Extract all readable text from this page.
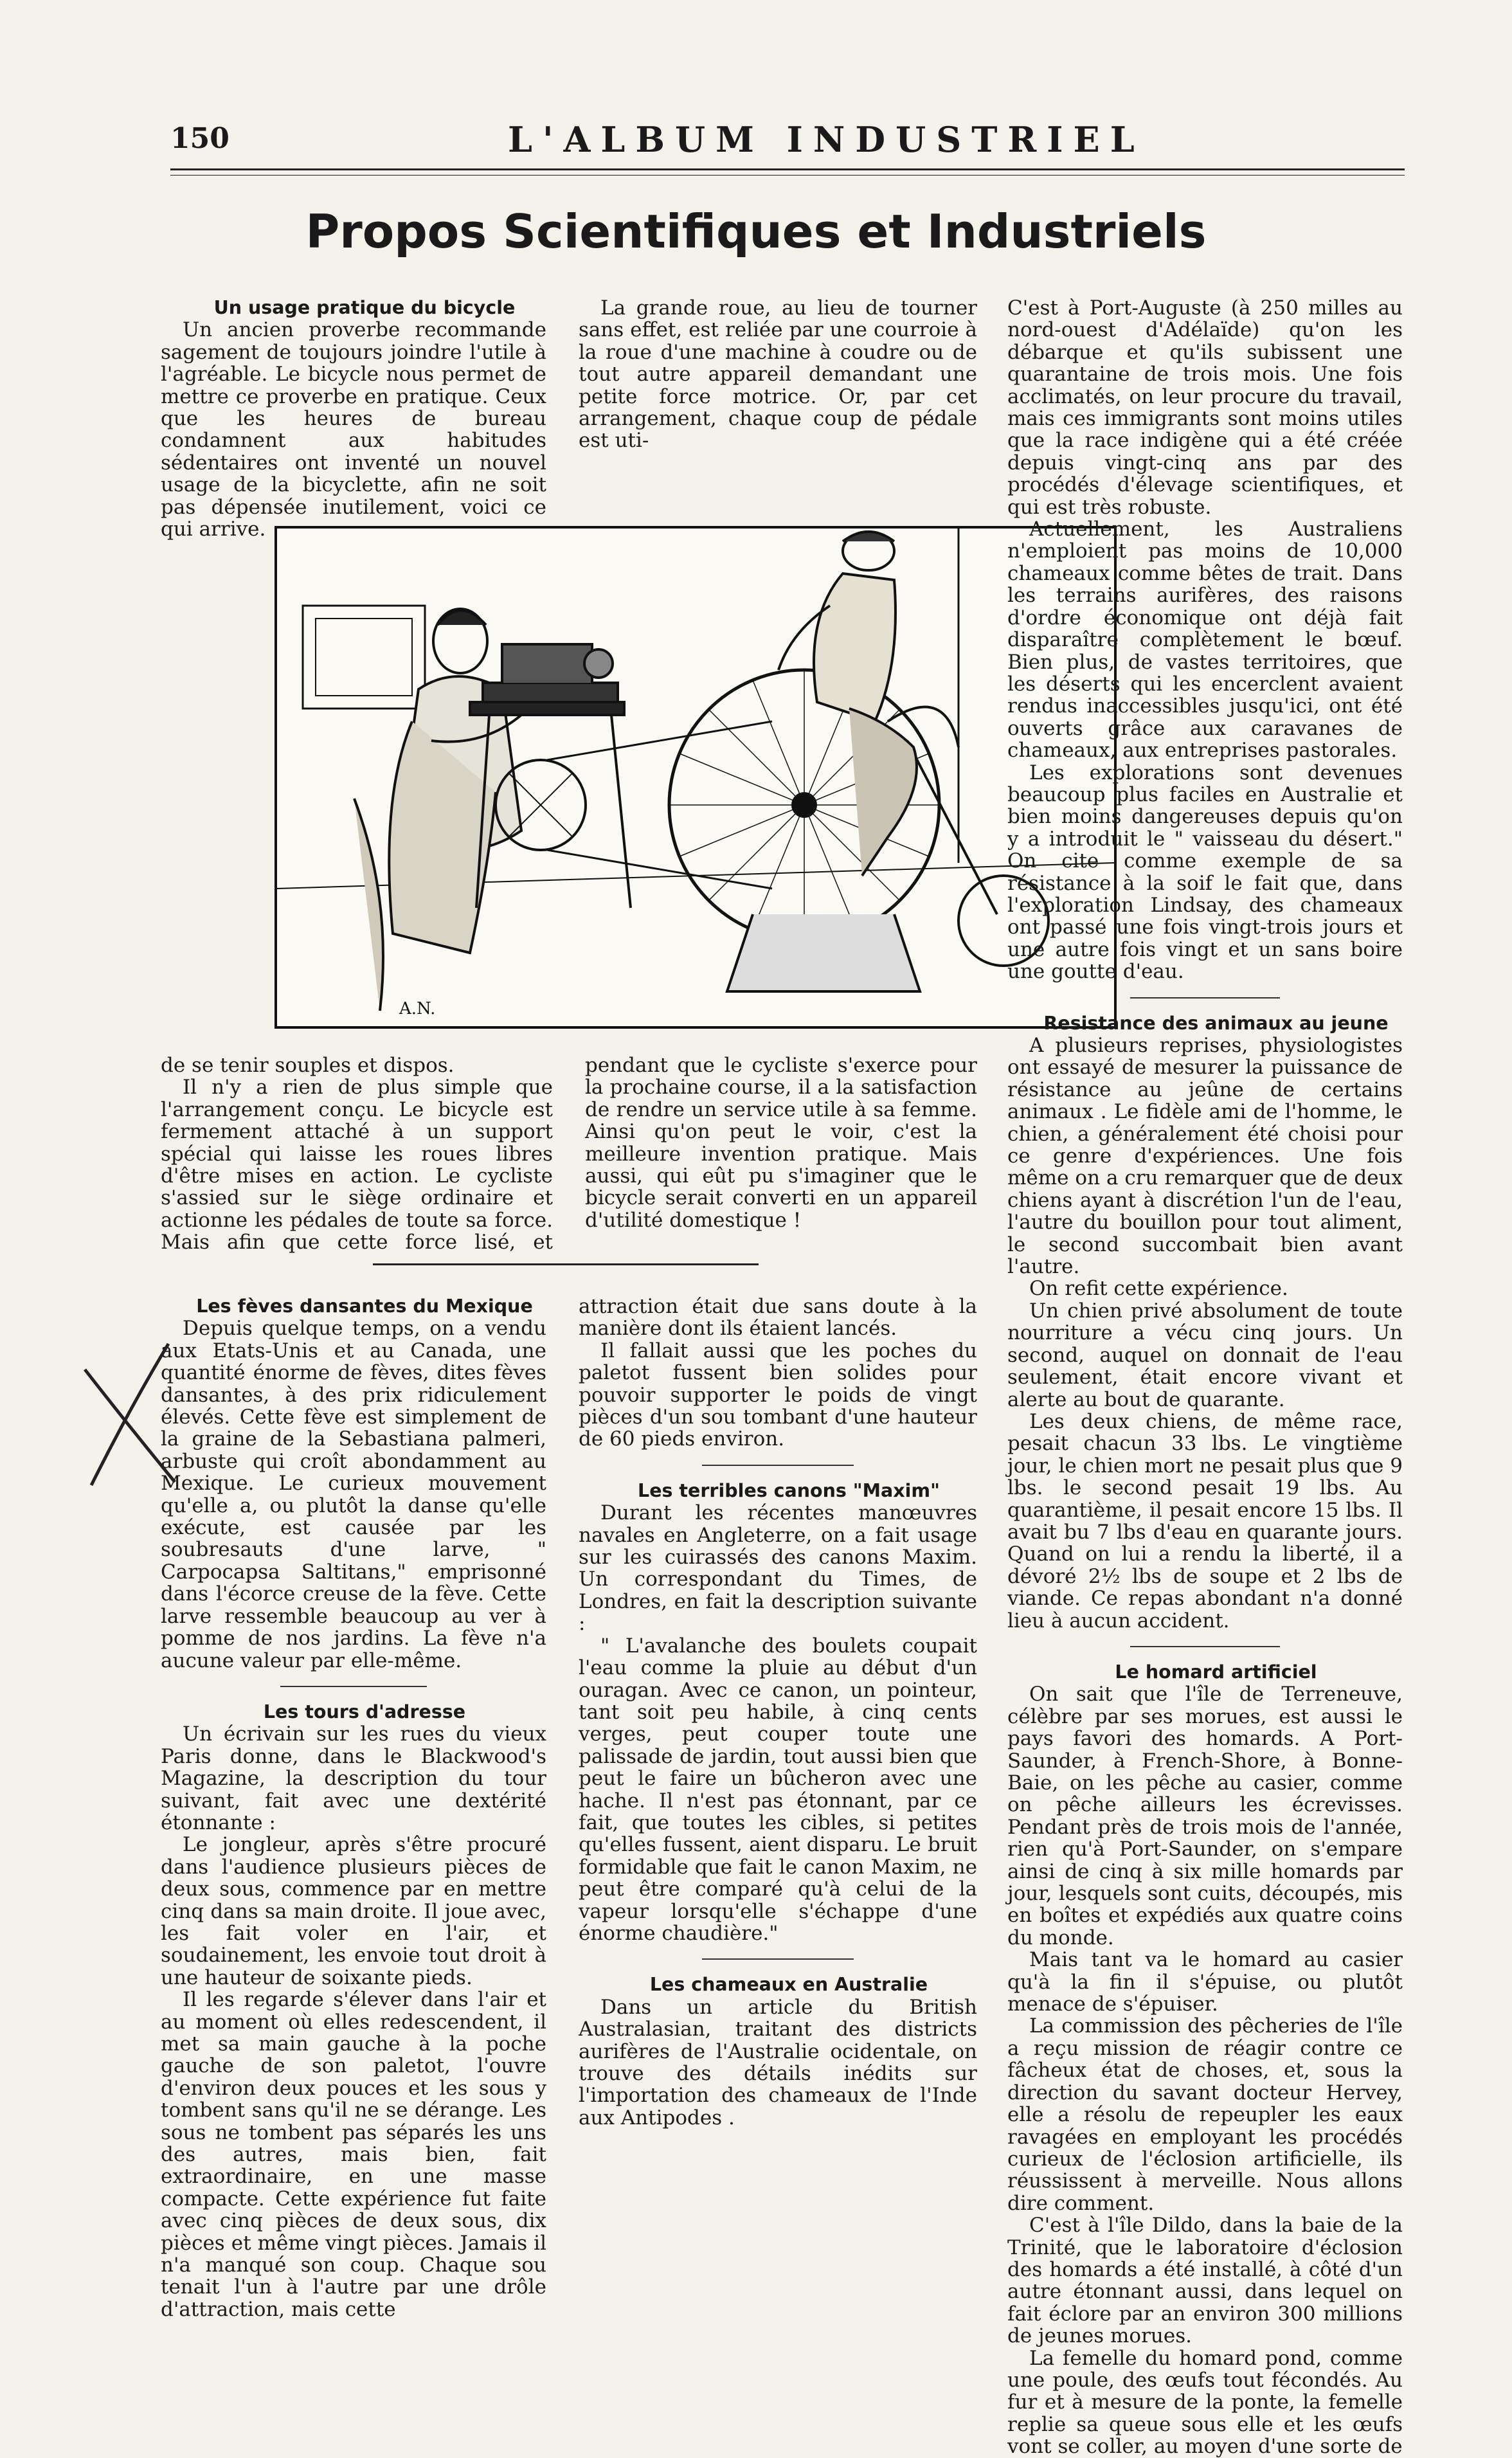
150	L'ALBUM INDUSTRIEL
Propos Scientifiques et Industriels

Un usage pratique du bicycle

Un ancien proverbe recommande sagement de toujours joindre l'utile à l'agréable. Le bicycle nous permet de mettre ce proverbe en pratique. Ceux que les heures de bureau condamnent aux habitudes sédentaires ont inventé un nouvel usage de la bicyclette, afin ne soit pas dépensée inutilement, voici ce qui arrive.

La grande roue, au lieu de tourner sans effet, est reliée par une courroie à la roue d'une machine à coudre ou de tout autre appareil demandant une petite force motrice. Or, par cet arrangement, chaque coup de pédale est uti-

A.N.

C'est à Port-Auguste (à 250 milles au nord-ouest d'Adélaïde) qu'on les débarque et qu'ils subissent une quarantaine de trois mois. Une fois acclimatés, on leur procure du travail, mais ces immigrants sont moins utiles que la race indigène qui a été créée depuis vingt-cinq ans par des procédés d'élevage scientifiques, et qui est très robuste.

Actuellement, les Australiens n'emploient pas moins de 10,000 chameaux comme bêtes de trait. Dans les terrains aurifères, des raisons d'ordre économique ont déjà fait disparaître complètement le bœuf. Bien plus, de vastes territoires, que les déserts qui les encerclent avaient rendus inaccessibles jusqu'ici, ont été ouverts grâce aux caravanes de chameaux, aux entreprises pastorales.

Les explorations sont devenues beaucoup plus faciles en Australie et bien moins dangereuses depuis qu'on y a introduit le " vaisseau du désert." On cite comme exemple de sa résistance à la soif le fait que, dans l'exploration Lindsay, des chameaux ont passé une fois vingt-trois jours et une autre fois vingt et un sans boire une goutte d'eau.

Resistance des animaux au jeune

A plusieurs reprises, physiologistes ont essayé de mesurer la puissance de résistance au jeûne de certains animaux . Le fidèle ami de l'homme, le chien, a généralement été choisi pour ce genre d'expériences. Une fois même on a cru remarquer que de deux chiens ayant à discrétion l'un de l'eau, l'autre du bouillon pour tout aliment, le second succombait bien avant l'autre.

On refit cette expérience.

Un chien privé absolument de toute nourriture a vécu cinq jours. Un second, auquel on donnait de l'eau seulement, était encore vivant et alerte au bout de quarante.

Les deux chiens, de même race, pesait chacun 33 lbs. Le vingtième jour, le chien mort ne pesait plus que 9 lbs. le second pesait 19 lbs. Au quarantième, il pesait encore 15 lbs. Il avait bu 7 lbs d'eau en quarante jours. Quand on lui a rendu la liberté, il a dévoré 2½ lbs de soupe et 2 lbs de viande. Ce repas abondant n'a donné lieu à aucun accident.

Le homard artificiel

On sait que l'île de Terreneuve, célèbre par ses morues, est aussi le pays favori des homards. A Port-Saunder, à French-Shore, à Bonne-Baie, on les pêche au casier, comme on pêche ailleurs les écrevisses. Pendant près de trois mois de l'année, rien qu'à Port-Saunder, on s'empare ainsi de cinq à six mille homards par jour, lesquels sont cuits, découpés, mis en boîtes et expédiés aux quatre coins du monde.

Mais tant va le homard au casier qu'à la fin il s'épuise, ou plutôt menace de s'épuiser.

La commission des pêcheries de l'île a reçu mission de réagir contre ce fâcheux état de choses, et, sous la direction du savant docteur Hervey, elle a résolu de repeupler les eaux ravagées en employant les procédés curieux de l'éclosion artificielle, ils réussissent à merveille. Nous allons dire comment.

C'est à l'île Dildo, dans la baie de la Trinité, que le laboratoire d'éclosion des homards a été installé, à côté d'un autre étonnant aussi, dans lequel on fait éclore par an environ 300 millions de jeunes morues.

La femelle du homard pond, comme une poule, des œufs tout fécondés. Au fur et à mesure de la ponte, la femelle replie sa queue sous elle et les œufs vont se coller, au moyen d'une sorte de

de se tenir souples et dispos.

Il n'y a rien de plus simple que l'arrangement conçu. Le bicycle est fermement attaché à un support spécial qui laisse les roues libres d'être mises en action. Le cycliste s'assied sur le siège ordinaire et actionne les pédales de toute sa force. Mais afin que cette force lisé, et pendant que le cycliste s'exerce pour la prochaine course, il a la satisfaction de rendre un service utile à sa femme. Ainsi qu'on peut le voir, c'est la meilleure invention pratique. Mais aussi, qui eût pu s'imaginer que le bicycle serait converti en un appareil d'utilité domestique !

Les fèves dansantes du Mexique

Depuis quelque temps, on a vendu aux Etats-Unis et au Canada, une quantité énorme de fèves, dites fèves dansantes, à des prix ridiculement élevés. Cette fève est simplement de la graine de la Sebastiana palmeri, arbuste qui croît abondamment au Mexique. Le curieux mouvement qu'elle a, ou plutôt la danse qu'elle exécute, est causée par les soubresauts d'une larve, " Carpocapsa Saltitans," emprisonné dans l'écorce creuse de la fève. Cette larve ressemble beaucoup au ver à pomme de nos jardins. La fève n'a aucune valeur par elle-même.

Les tours d'adresse

Un écrivain sur les rues du vieux Paris donne, dans le Blackwood's Magazine, la description du tour suivant, fait avec une dextérité étonnante :

Le jongleur, après s'être procuré dans l'audience plusieurs pièces de deux sous, commence par en mettre cinq dans sa main droite. Il joue avec, les fait voler en l'air, et soudainement, les envoie tout droit à une hauteur de soixante pieds.

Il les regarde s'élever dans l'air et au moment où elles redescendent, il met sa main gauche à la poche gauche de son paletot, l'ouvre d'environ deux pouces et les sous y tombent sans qu'il ne se dérange. Les sous ne tombent pas séparés les uns des autres, mais bien, fait extraordinaire, en une masse compacte. Cette expérience fut faite avec cinq pièces de deux sous, dix pièces et même vingt pièces. Jamais il n'a manqué son coup. Chaque sou tenait l'un à l'autre par une drôle d'attraction, mais cette

attraction était due sans doute à la manière dont ils étaient lancés.

Il fallait aussi que les poches du paletot fussent bien solides pour pouvoir supporter le poids de vingt pièces d'un sou tombant d'une hauteur de 60 pieds environ.

Les terribles canons "Maxim"

Durant les récentes manœuvres navales en Angleterre, on a fait usage sur les cuirassés des canons Maxim. Un correspondant du Times, de Londres, en fait la description suivante :

" L'avalanche des boulets coupait l'eau comme la pluie au début d'un ouragan. Avec ce canon, un pointeur, tant soit peu habile, à cinq cents verges, peut couper toute une palissade de jardin, tout aussi bien que peut le faire un bûcheron avec une hache. Il n'est pas étonnant, par ce fait, que toutes les cibles, si petites qu'elles fussent, aient disparu. Le bruit formidable que fait le canon Maxim, ne peut être comparé qu'à celui de la vapeur lorsqu'elle s'échappe d'une énorme chaudière."

Les chameaux en Australie

Dans un article du British Australasian, traitant des districts aurifères de l'Australie ocidentale, on trouve des détails inédits sur l'importation des chameaux de l'Inde aux Antipodes .
